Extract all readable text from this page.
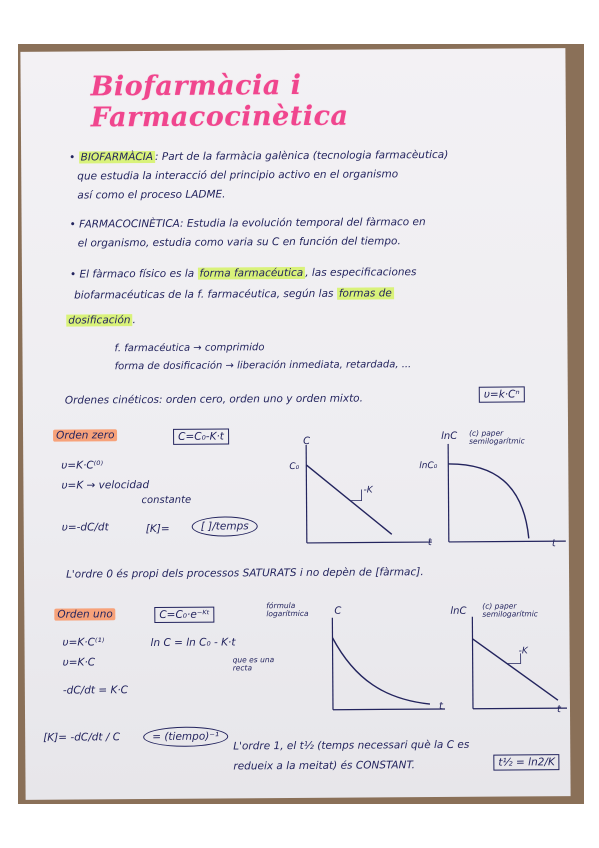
Biofarmàcia i Farmacocinètica
• BIOFARMÀCIA : Part de la farmàcia galènica (tecnologia farmacèutica)
que estudia la interacció del principio activo en el organismo
así como el proceso LADME.
• FARMACOCINÈTICA: Estudia la evolución temporal del fàrmaco en
el organismo, estudia como varia su C en función del tiempo.
• El fàrmaco físico es la forma farmacéutica , las especificaciones
biofarmacéuticas de la f. farmacéutica, según las formas de
dosificación .
f. farmacéutica → comprimido
forma de dosificación → liberación inmediata, retardada, ...
Ordenes cinéticos: orden cero, orden uno y orden mixto.	υ=k·Cⁿ
Orden zero	C=C₀-K·t
υ=K·C⁽⁰⁾
υ=K → velocidad
constante
υ=-dC/dt	[K]=	[ ]/temps
C
C₀
-K
t
lnC (c) paper semilogarítmic
lnC₀
t
L'ordre 0 és propi dels processos SATURATS i no depèn de [fàrmac].
Orden uno	C=C₀·e⁻ᴷᵗ
fórmula logarítmica
ln C = ln C₀ - K·t
que es una recta
υ=K·C⁽¹⁾
υ=K·C
-dC/dt = K·C
[K]= -dC/dt / C	= (tiempo)⁻¹
C
t
lnC (c) paper semilogarítmic
-K
t
L'ordre 1, el t½ (temps necessari què la C es
redueix a la meitat) és CONSTANT.	t½ = ln2/K
